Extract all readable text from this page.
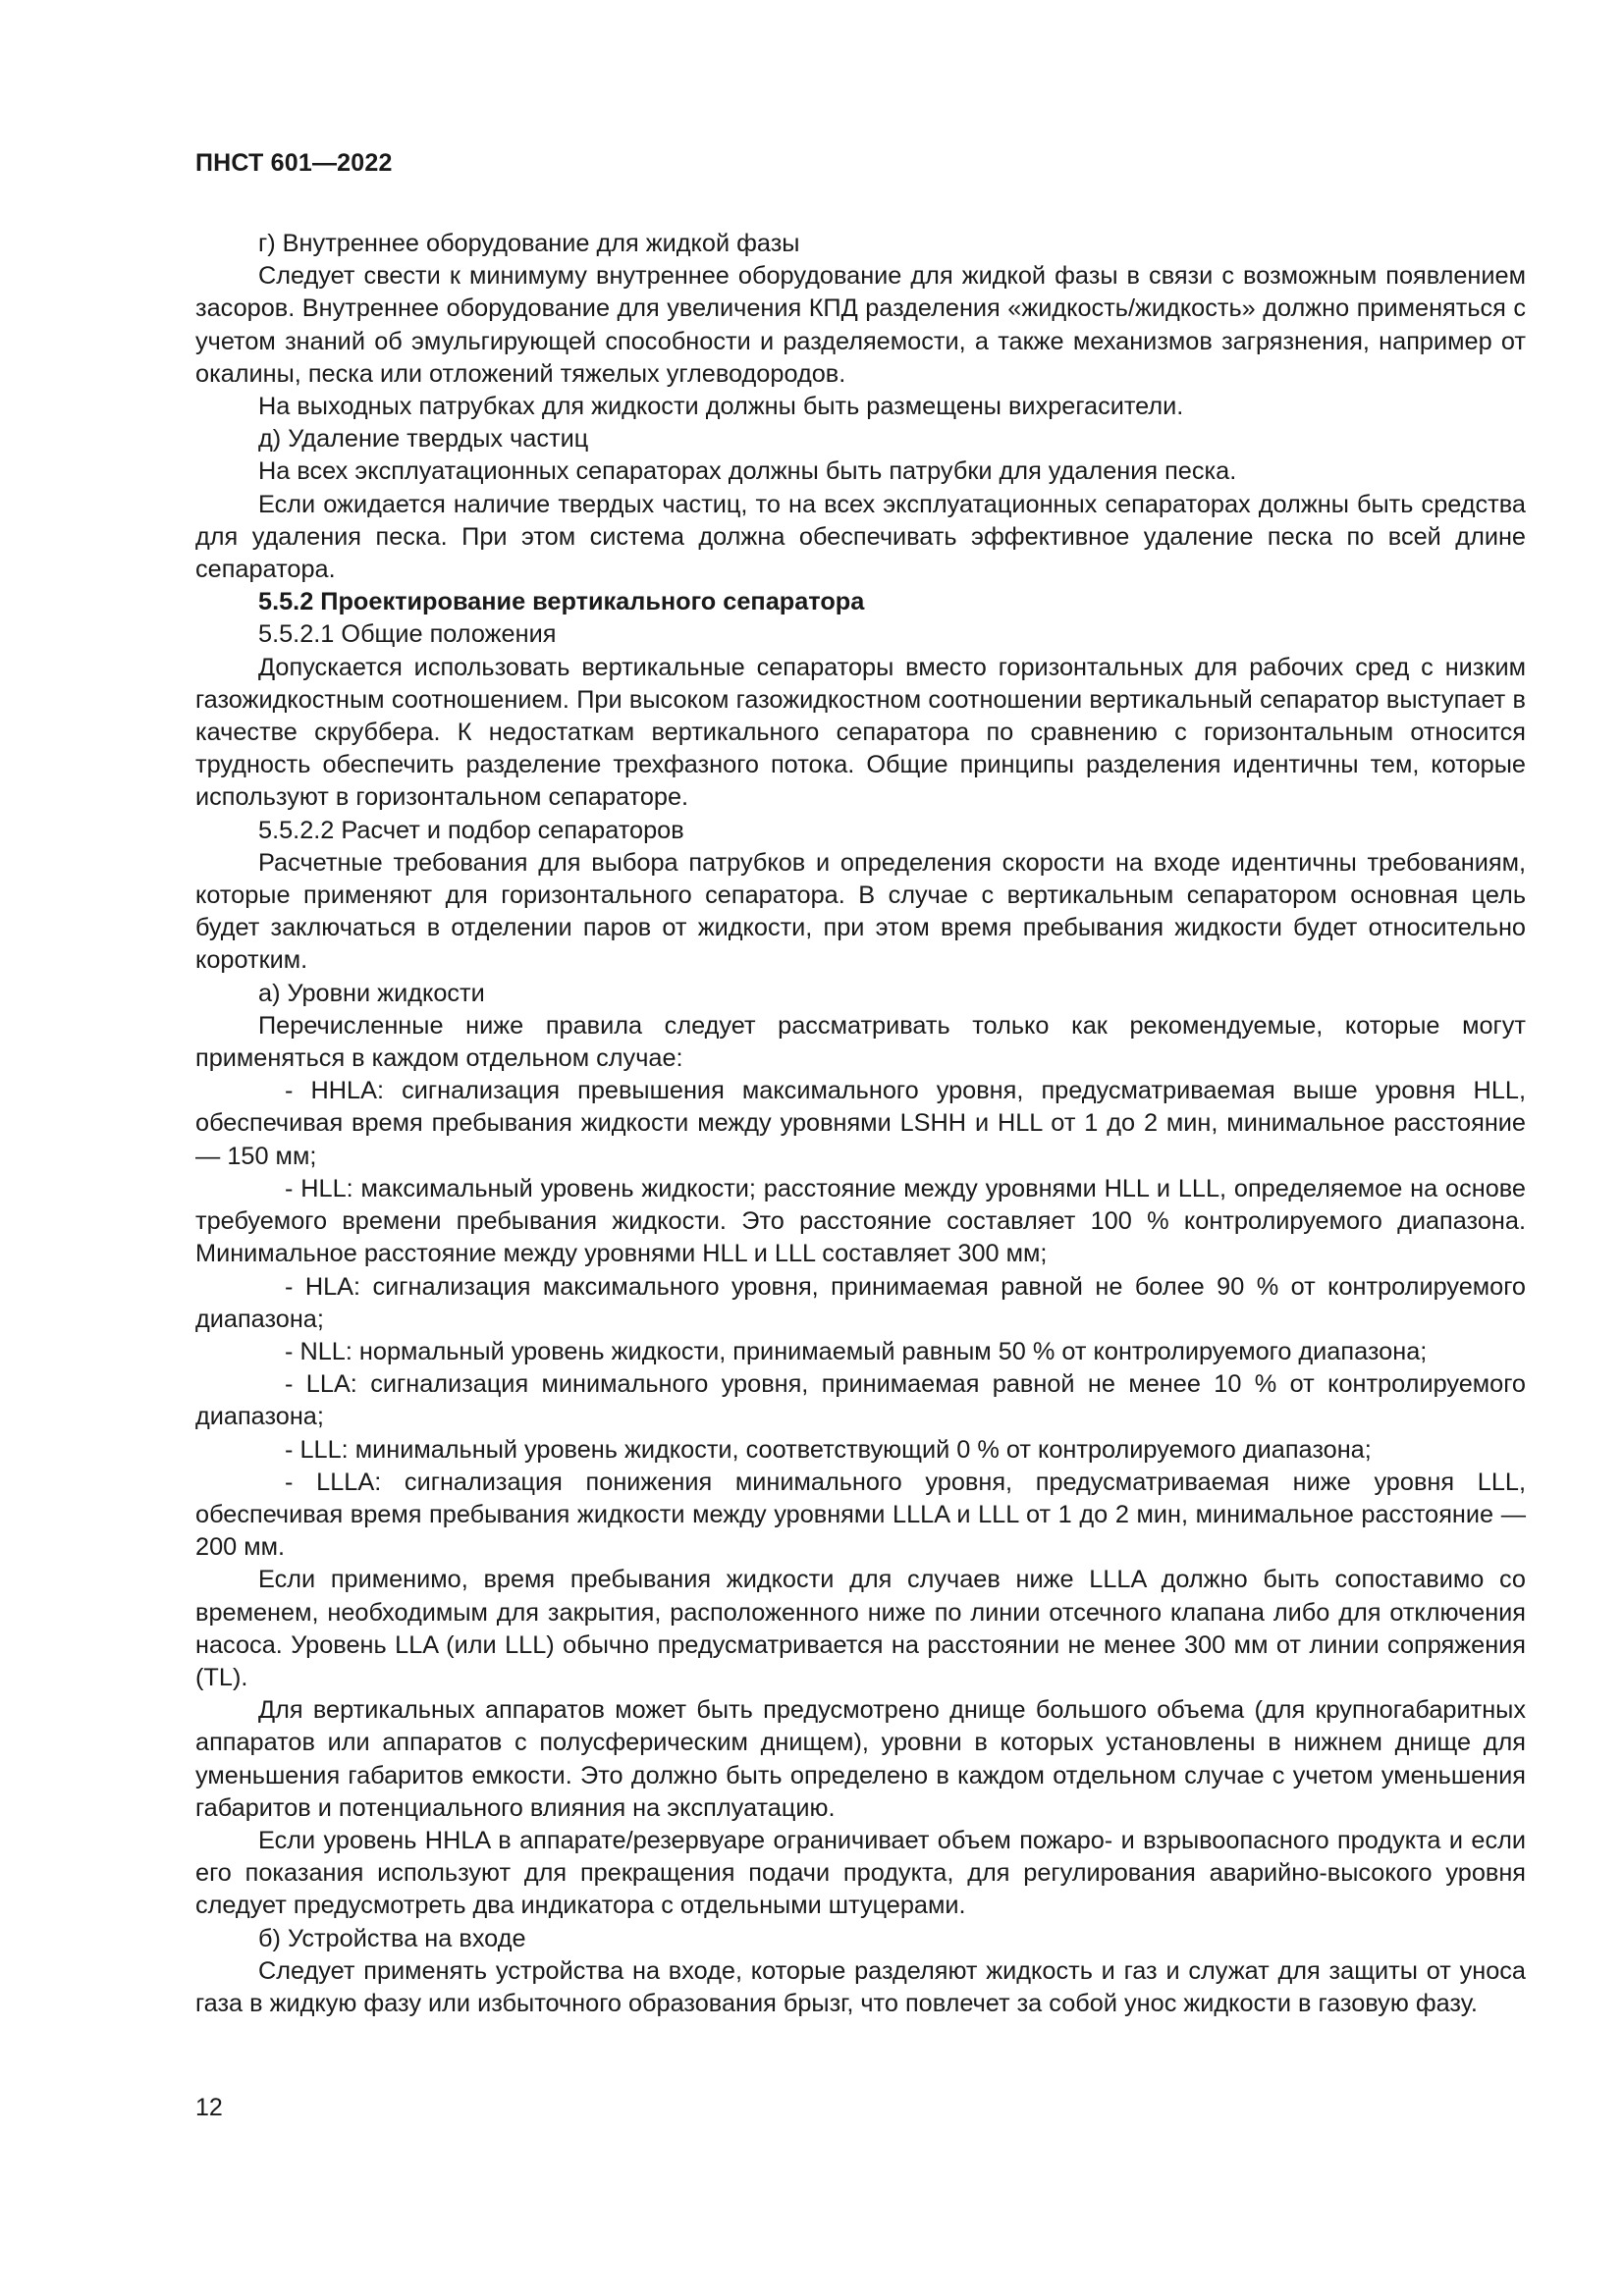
ПНСТ 601—2022

г) Внутреннее оборудование для жидкой фазы

Следует свести к минимуму внутреннее оборудование для жидкой фазы в связи с возможным появлением засоров. Внутреннее оборудование для увеличения КПД разделения «жидкость/жидкость» должно применяться с учетом знаний об эмульгирующей способности и разделяемости, а также механизмов загрязнения, например от окалины, песка или отложений тяжелых углеводородов.

На выходных патрубках для жидкости должны быть размещены вихрегасители.

д) Удаление твердых частиц

На всех эксплуатационных сепараторах должны быть патрубки для удаления песка.

Если ожидается наличие твердых частиц, то на всех эксплуатационных сепараторах должны быть средства для удаления песка. При этом система должна обеспечивать эффективное удаление песка по всей длине сепаратора.

5.5.2 Проектирование вертикального сепаратора

5.5.2.1 Общие положения

Допускается использовать вертикальные сепараторы вместо горизонтальных для рабочих сред с низким газожидкостным соотношением. При высоком газожидкостном соотношении вертикальный сепаратор выступает в качестве скруббера. К недостаткам вертикального сепаратора по сравнению с горизонтальным относится трудность обеспечить разделение трехфазного потока. Общие принципы разделения идентичны тем, которые используют в горизонтальном сепараторе.

5.5.2.2 Расчет и подбор сепараторов

Расчетные требования для выбора патрубков и определения скорости на входе идентичны требованиям, которые применяют для горизонтального сепаратора. В случае с вертикальным сепаратором основная цель будет заключаться в отделении паров от жидкости, при этом время пребывания жидкости будет относительно коротким.

а) Уровни жидкости

Перечисленные ниже правила следует рассматривать только как рекомендуемые, которые могут применяться в каждом отдельном случае:

- HHLA: сигнализация превышения максимального уровня, предусматриваемая выше уровня HLL, обеспечивая время пребывания жидкости между уровнями LSHH и HLL от 1 до 2 мин, минимальное расстояние — 150 мм;

- HLL: максимальный уровень жидкости; расстояние между уровнями HLL и LLL, определяемое на основе требуемого времени пребывания жидкости. Это расстояние составляет 100 % контролируемого диапазона. Минимальное расстояние между уровнями HLL и LLL составляет 300 мм;

- HLA: сигнализация максимального уровня, принимаемая равной не более 90 % от контролируемого диапазона;

- NLL: нормальный уровень жидкости, принимаемый равным 50 % от контролируемого диапазона;

- LLA: сигнализация минимального уровня, принимаемая равной не менее 10 % от контролируемого диапазона;

- LLL: минимальный уровень жидкости, соответствующий 0 % от контролируемого диапазона;

- LLLA: сигнализация понижения минимального уровня, предусматриваемая ниже уровня LLL, обеспечивая время пребывания жидкости между уровнями LLLA и LLL от 1 до 2 мин, минимальное расстояние — 200 мм.

Если применимо, время пребывания жидкости для случаев ниже LLLA должно быть сопоставимо со временем, необходимым для закрытия, расположенного ниже по линии отсечного клапана либо для отключения насоса. Уровень LLA (или LLL) обычно предусматривается на расстоянии не менее 300 мм от линии сопряжения (TL).

Для вертикальных аппаратов может быть предусмотрено днище большого объема (для крупногабаритных аппаратов или аппаратов с полусферическим днищем), уровни в которых установлены в нижнем днище для уменьшения габаритов емкости. Это должно быть определено в каждом отдельном случае с учетом уменьшения габаритов и потенциального влияния на эксплуатацию.

Если уровень HHLA в аппарате/резервуаре ограничивает объем пожаро- и взрывоопасного продукта и если его показания используют для прекращения подачи продукта, для регулирования аварийно-высокого уровня следует предусмотреть два индикатора с отдельными штуцерами.

б) Устройства на входе

Следует применять устройства на входе, которые разделяют жидкость и газ и служат для защиты от уноса газа в жидкую фазу или избыточного образования брызг, что повлечет за собой унос жидкости в газовую фазу.

12
